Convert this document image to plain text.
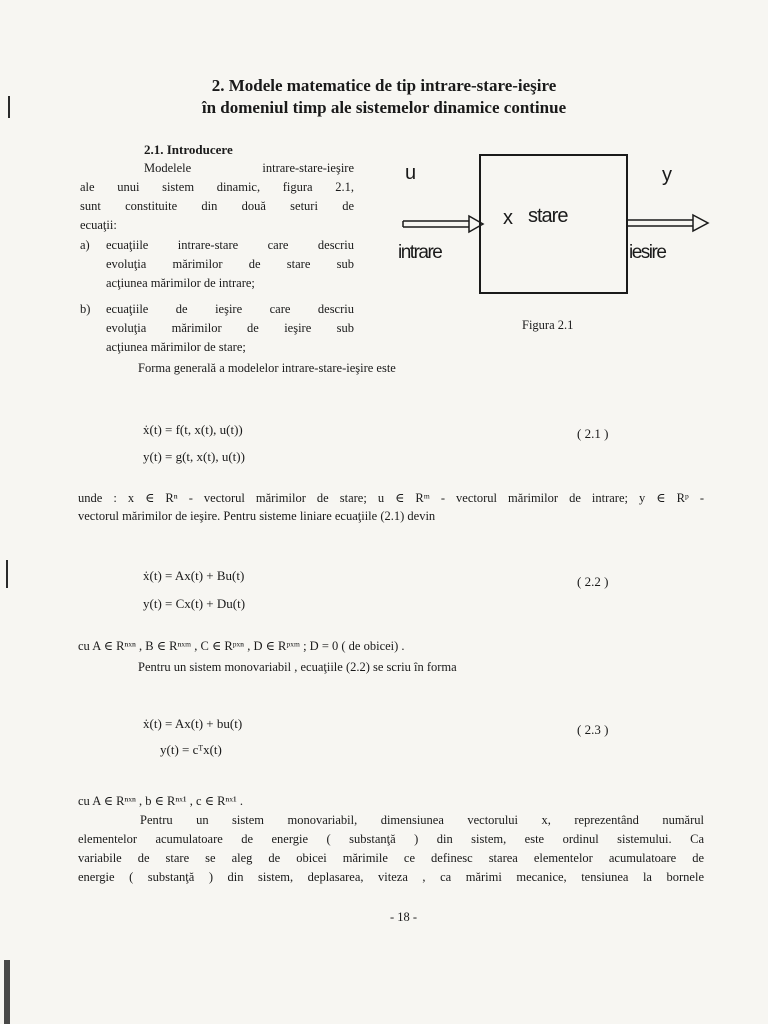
2. Modele matematice de tip intrare-stare-ieşire
în domeniul timp ale sistemelor dinamice continue
2.1. Introducere
Modelele intrare-stare-ieşire
ale unui sistem dinamic, figura 2.1,
sunt constituite din două seturi de
ecuaţii:
a) ecuaţiile intrare-stare care descriu
evoluţia mărimilor de stare sub
acţiunea mărimilor de intrare;
b) ecuaţiile de ieşire care descriu
evoluţia mărimilor de ieşire sub
acţiunea mărimilor de stare;
Forma generală a modelelor intrare-stare-ieşire este
u	y
x stare
intrare	iesire
Figura 2.1
ẋ(t) = f(t, x(t), u(t))
y(t) = g(t, x(t), u(t))
( 2.1 )
unde : x ∈ Rⁿ - vectorul mărimilor de stare; u ∈ Rᵐ - vectorul mărimilor de intrare; y ∈ Rᵖ -
vectorul mărimilor de ieşire. Pentru sisteme liniare ecuaţiile (2.1) devin
ẋ(t) = Ax(t) + Bu(t)
y(t) = Cx(t) + Du(t)
( 2.2 )
cu A ∈ Rⁿˣⁿ , B ∈ Rⁿˣᵐ , C ∈ Rᵖˣⁿ , D ∈ Rᵖˣᵐ ; D = 0 ( de obicei) .
Pentru un sistem monovariabil , ecuaţiile (2.2) se scriu în forma
ẋ(t) = Ax(t) + bu(t)
y(t) = cᵀx(t)
( 2.3 )
cu A ∈ Rⁿˣⁿ , b ∈ Rⁿˣ¹ , c ∈ Rⁿˣ¹ .
Pentru un sistem monovariabil, dimensiunea vectorului x, reprezentând numărul
elementelor acumulatoare de energie ( substanţă ) din sistem, este ordinul sistemului. Ca
variabile de stare se aleg de obicei mărimile ce definesc starea elementelor acumulatoare de
energie ( substanţă ) din sistem, deplasarea, viteza , ca mărimi mecanice, tensiunea la bornele
- 18 -
